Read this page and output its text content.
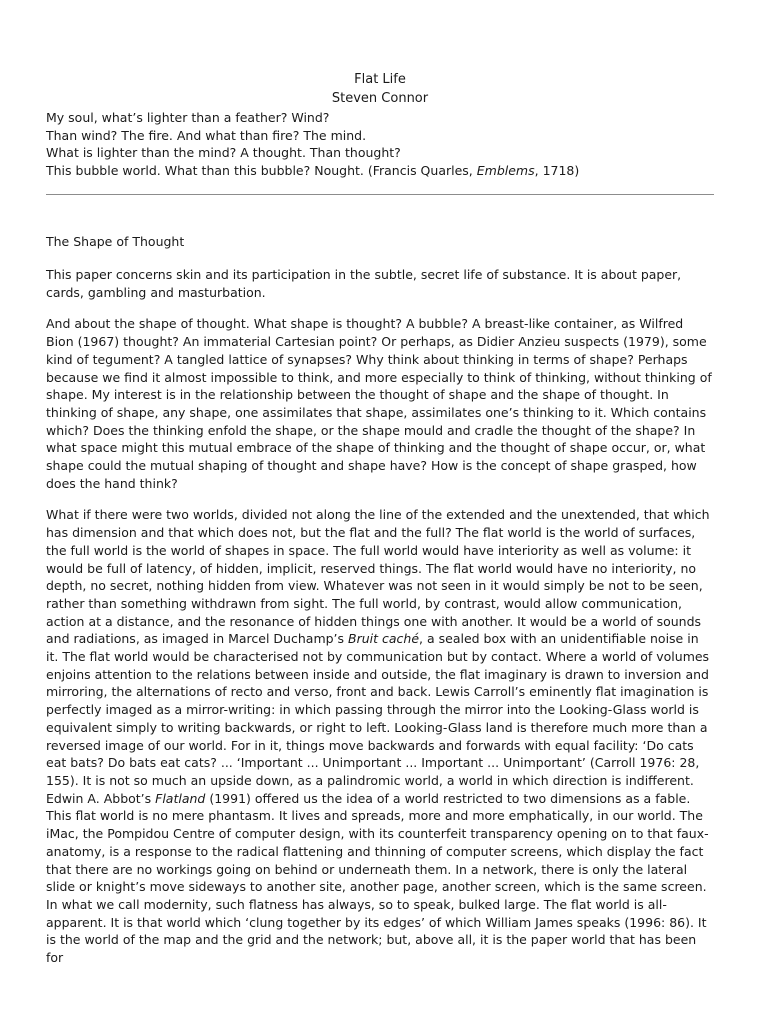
Flat Life
Steven Connor
My soul, what’s lighter than a feather? Wind?
Than wind? The fire. And what than fire? The mind.
What is lighter than the mind? A thought. Than thought?
This bubble world. What than this bubble? Nought. (Francis Quarles, Emblems, 1718)
The Shape of Thought

This paper concerns skin and its participation in the subtle, secret life of substance. It is about paper, cards, gambling and masturbation.

And about the shape of thought. What shape is thought? A bubble? A breast-like container, as Wilfred Bion (1967) thought? An immaterial Cartesian point? Or perhaps, as Didier Anzieu suspects (1979), some kind of tegument? A tangled lattice of synapses? Why think about thinking in terms of shape? Perhaps because we find it almost impossible to think, and more especially to think of thinking, without thinking of shape. My interest is in the relationship between the thought of shape and the shape of thought. In thinking of shape, any shape, one assimilates that shape, assimilates one’s thinking to it. Which contains which? Does the thinking enfold the shape, or the shape mould and cradle the thought of the shape? In what space might this mutual embrace of the shape of thinking and the thought of shape occur, or, what shape could the mutual shaping of thought and shape have? How is the concept of shape grasped, how does the hand think?

What if there were two worlds, divided not along the line of the extended and the unextended, that which has dimension and that which does not, but the flat and the full? The flat world is the world of surfaces, the full world is the world of shapes in space. The full world would have interiority as well as volume: it would be full of latency, of hidden, implicit, reserved things. The flat world would have no interiority, no depth, no secret, nothing hidden from view. Whatever was not seen in it would simply be not to be seen, rather than something withdrawn from sight. The full world, by contrast, would allow communication, action at a distance, and the resonance of hidden things one with another. It would be a world of sounds and radiations, as imaged in Marcel Duchamp’s Bruit caché, a sealed box with an unidentifiable noise in it. The flat world would be characterised not by communication but by contact. Where a world of volumes enjoins attention to the relations between inside and outside, the flat imaginary is drawn to inversion and mirroring, the alternations of recto and verso, front and back. Lewis Carroll’s eminently flat imagination is perfectly imaged as a mirror-writing: in which passing through the mirror into the Looking-Glass world is equivalent simply to writing backwards, or right to left. Looking-Glass land is therefore much more than a reversed image of our world. For in it, things move backwards and forwards with equal facility: ‘Do cats eat bats? Do bats eat cats? ... ‘Important ... Unimportant ... Important ... Unimportant’ (Carroll 1976: 28, 155). It is not so much an upside down, as a palindromic world, a world in which direction is indifferent.

Edwin A. Abbot’s Flatland (1991) offered us the idea of a world restricted to two dimensions as a fable. This flat world is no mere phantasm. It lives and spreads, more and more emphatically, in our world. The iMac, the Pompidou Centre of computer design, with its counterfeit transparency opening on to that faux-anatomy, is a response to the radical flattening and thinning of computer screens, which display the fact that there are no workings going on behind or underneath them. In a network, there is only the lateral slide or knight’s move sideways to another site, another page, another screen, which is the same screen.

In what we call modernity, such flatness has always, so to speak, bulked large. The flat world is all-apparent. It is that world which ‘clung together by its edges’ of which William James speaks (1996: 86). It is the world of the map and the grid and the network; but, above all, it is the paper world that has been for
